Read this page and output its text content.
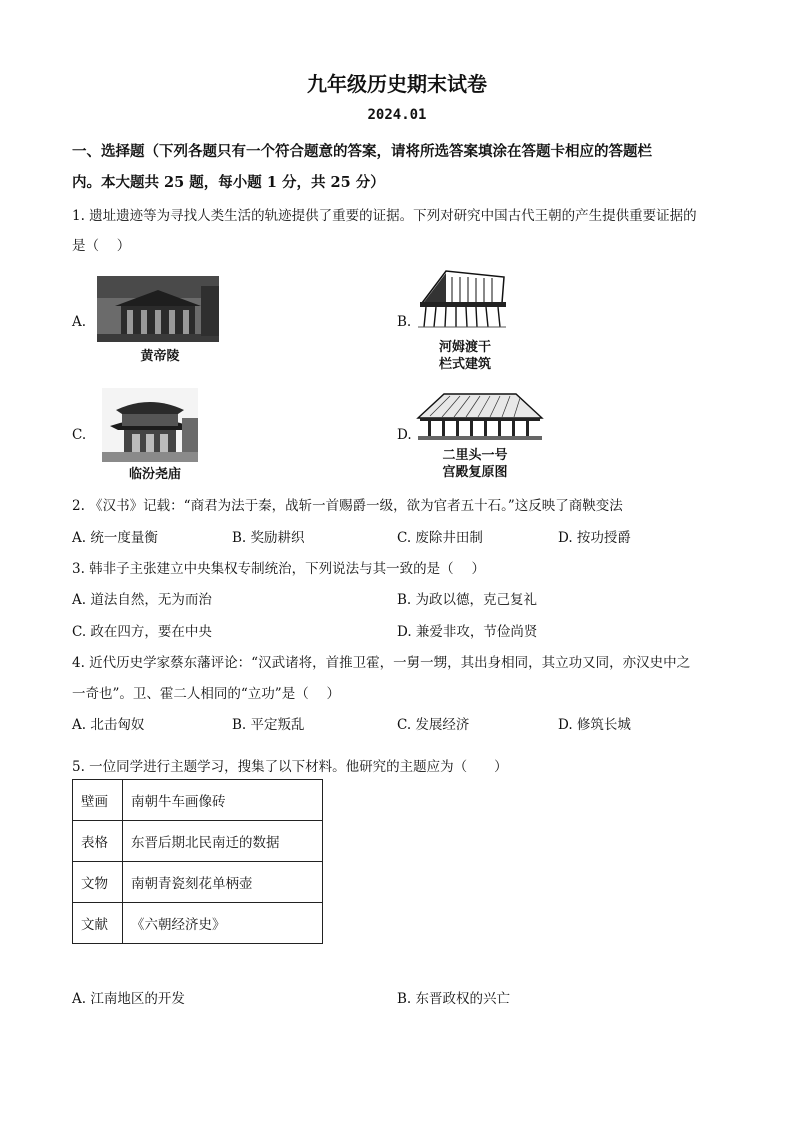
九年级历史期末试卷
2024.01
一、选择题（下列各题只有一个符合题意的答案，请将所选答案填涂在答题卡相应的答题栏
内。本大题共 25 题，每小题 1 分，共 25 分）
1. 遗址遗迹等为寻找人类生活的轨迹提供了重要的证据。下列对研究中国古代王朝的产生提供重要证据的
是（　 ）
A.
黄帝陵
B.
河姆渡干
栏式建筑
C.
临汾尧庙
D.
二里头一号
宫殿复原图
2. 《汉书》记载：“商君为法于秦，战斩一首赐爵一级，欲为官者五十石。”这反映了商鞅变法
A. 统一度量衡	B. 奖励耕织	C. 废除井田制	D. 按功授爵
3. 韩非子主张建立中央集权专制统治，下列说法与其一致的是（　 ）
A. 道法自然，无为而治	B. 为政以德，克己复礼
C. 政在四方，要在中央	D. 兼爱非攻，节俭尚贤
4. 近代历史学家蔡东藩评论：“汉武诸将，首推卫霍，一舅一甥，其出身相同，其立功又同，亦汉史中之
一奇也”。卫、霍二人相同的“立功”是（　 ）
A. 北击匈奴	B. 平定叛乱	C. 发展经济	D. 修筑长城
5. 一位同学进行主题学习，搜集了以下材料。他研究的主题应为（　　）
壁画	南朝牛车画像砖
表格	东晋后期北民南迁的数据
文物	南朝青瓷刻花单柄壶
文献	《六朝经济史》
A. 江南地区的开发	B. 东晋政权的兴亡
